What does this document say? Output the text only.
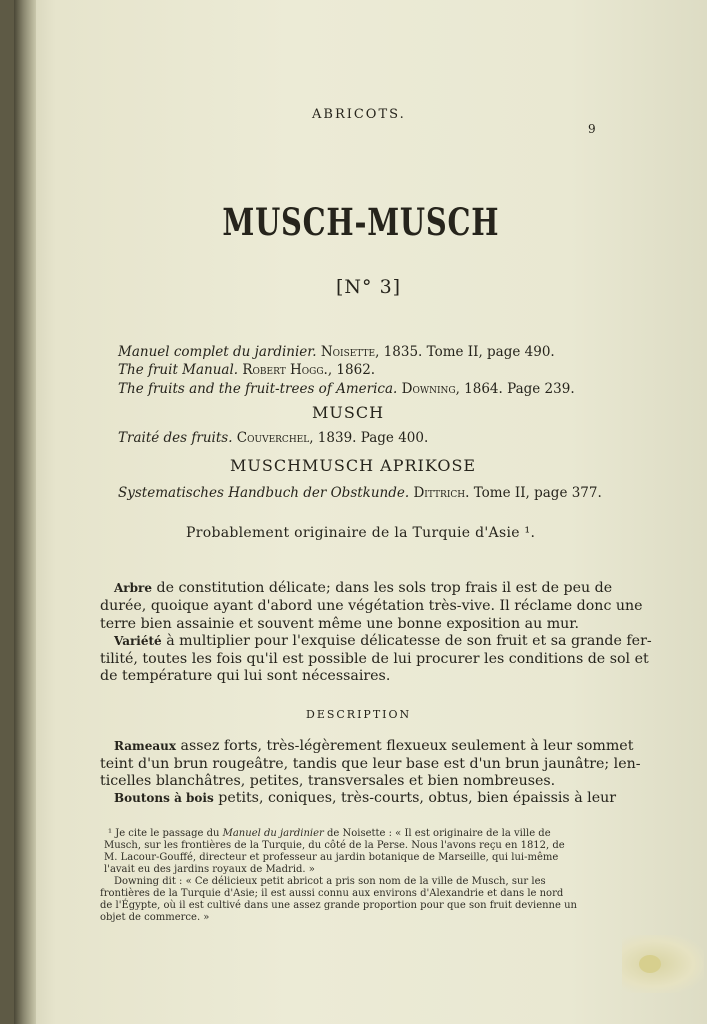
ABRICOTS.
9
MUSCH-MUSCH
[N° 3]
Manuel complet du jardinier. Noisette, 1835. Tome II, page 490.
The fruit Manual. Robert Hogg., 1862.
The fruits and the fruit-trees of America. Downing, 1864. Page 239.
MUSCH
Traité des fruits. Couverchel, 1839. Page 400.
MUSCHMUSCH APRIKOSE
Systematisches Handbuch der Obstkunde. Dittrich. Tome II, page 377.
Probablement originaire de la Turquie d'Asie ¹.
Arbre de constitution délicate; dans les sols trop frais il est de peu de
durée, quoique ayant d'abord une végétation très-vive. Il réclame donc une
terre bien assainie et souvent même une bonne exposition au mur.
Variété à multiplier pour l'exquise délicatesse de son fruit et sa grande fer-
tilité, toutes les fois qu'il est possible de lui procurer les conditions de sol et
de température qui lui sont nécessaires.
DESCRIPTION
Rameaux assez forts, très-légèrement flexueux seulement à leur sommet
teint d'un brun rougeâtre, tandis que leur base est d'un brun jaunâtre; len-
ticelles blanchâtres, petites, transversales et bien nombreuses.
Boutons à bois petits, coniques, très-courts, obtus, bien épaissis à leur
¹ Je cite le passage du Manuel du jardinier de Noisette : « Il est originaire de la ville de
Musch, sur les frontières de la Turquie, du côté de la Perse. Nous l'avons reçu en 1812, de
M. Lacour-Gouffé, directeur et professeur au jardin botanique de Marseille, qui lui-même
l'avait eu des jardins royaux de Madrid. »
Downing dit : « Ce délicieux petit abricot a pris son nom de la ville de Musch, sur les
frontières de la Turquie d'Asie; il est aussi connu aux environs d'Alexandrie et dans le nord
de l'Égypte, où il est cultivé dans une assez grande proportion pour que son fruit devienne un
objet de commerce. »
